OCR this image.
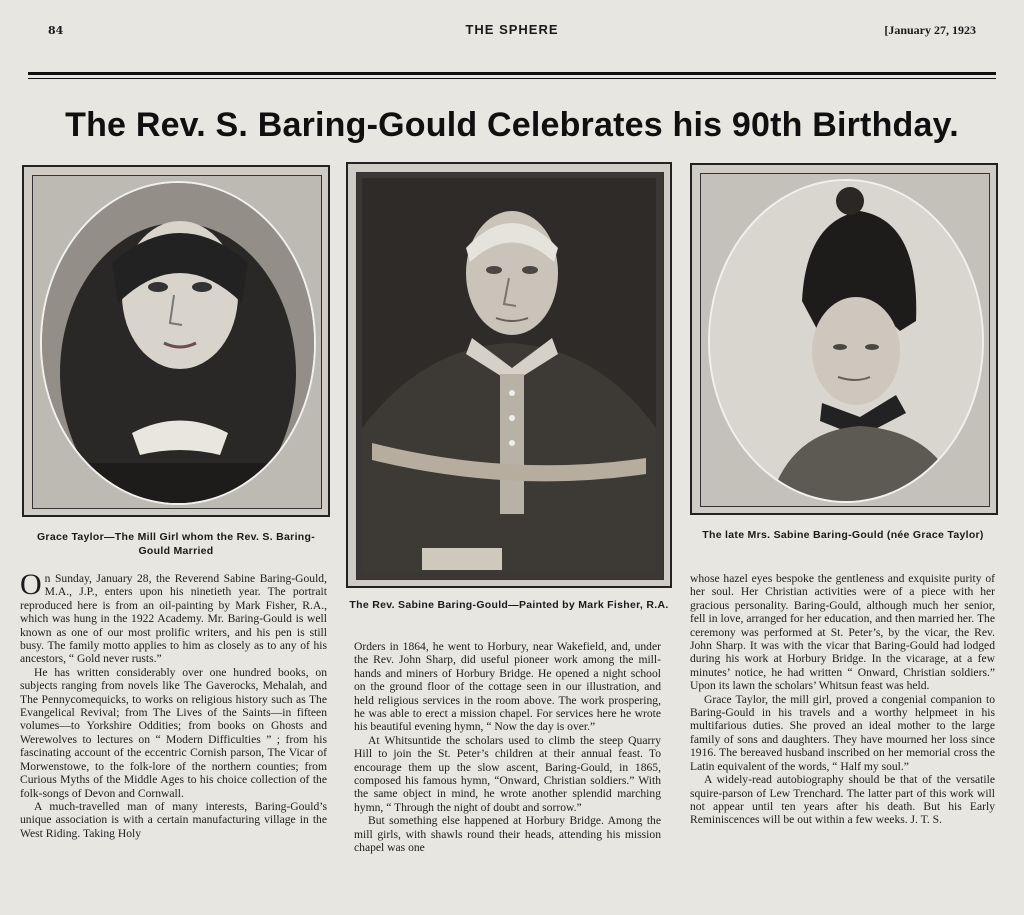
84	THE SPHERE	[January 27, 1923
The Rev. S. Baring-Gould Celebrates his 90th Birthday.
Grace Taylor—The Mill Girl whom the Rev. S. Baring-Gould Married
The Rev. Sabine Baring-Gould—Painted by Mark Fisher, R.A.
The late Mrs. Sabine Baring-Gould (née Grace Taylor)

On Sunday, January 28, the Reverend Sabine Baring-Gould, M.A., J.P., enters upon his ninetieth year. The portrait reproduced here is from an oil-painting by Mark Fisher, R.A., which was hung in the 1922 Academy. Mr. Baring-Gould is well known as one of our most prolific writers, and his pen is still busy. The family motto applies to him as closely as to any of his ancestors, “ Gold never rusts.”

He has written considerably over one hundred books, on subjects ranging from novels like The Gaverocks, Mehalah, and The Pennycomequicks, to works on religious history such as The Evangelical Revival; from The Lives of the Saints—in fifteen volumes—to Yorkshire Oddities; from books on Ghosts and Werewolves to lectures on “ Modern Difficulties ” ; from his fascinating account of the eccentric Cornish parson, The Vicar of Morwenstowe, to the folk-lore of the northern counties; from Curious Myths of the Middle Ages to his choice collection of the folk-songs of Devon and Cornwall.

A much-travelled man of many interests, Baring-Gould’s unique association is with a certain manufacturing village in the West Riding. Taking Holy

Orders in 1864, he went to Horbury, near Wakefield, and, under the Rev. John Sharp, did useful pioneer work among the mill-hands and miners of Horbury Bridge. He opened a night school on the ground floor of the cottage seen in our illustration, and held religious services in the room above. The work prospering, he was able to erect a mission chapel. For services here he wrote his beautiful evening hymn, “ Now the day is over.”

At Whitsuntide the scholars used to climb the steep Quarry Hill to join the St. Peter’s children at their annual feast. To encourage them up the slow ascent, Baring-Gould, in 1865, composed his famous hymn, “Onward, Christian soldiers.” With the same object in mind, he wrote another splendid marching hymn, “ Through the night of doubt and sorrow.”

But something else happened at Horbury Bridge. Among the mill girls, with shawls round their heads, attending his mission chapel was one

whose hazel eyes bespoke the gentleness and exquisite purity of her soul. Her Christian activities were of a piece with her gracious personality. Baring-Gould, although much her senior, fell in love, arranged for her education, and then married her. The ceremony was performed at St. Peter’s, by the vicar, the Rev. John Sharp. It was with the vicar that Baring-Gould had lodged during his work at Horbury Bridge. In the vicarage, at a few minutes’ notice, he had written “ Onward, Christian soldiers.” Upon its lawn the scholars’ Whitsun feast was held.

Grace Taylor, the mill girl, proved a congenial companion to Baring-Gould in his travels and a worthy helpmeet in his multifarious duties. She proved an ideal mother to the large family of sons and daughters. They have mourned her loss since 1916. The bereaved husband inscribed on her memorial cross the Latin equivalent of the words, “ Half my soul.”

A widely-read autobiography should be that of the versatile squire-parson of Lew Trenchard. The latter part of this work will not appear until ten years after his death. But his Early Reminiscences will be out within a few weeks. J. T. S.
